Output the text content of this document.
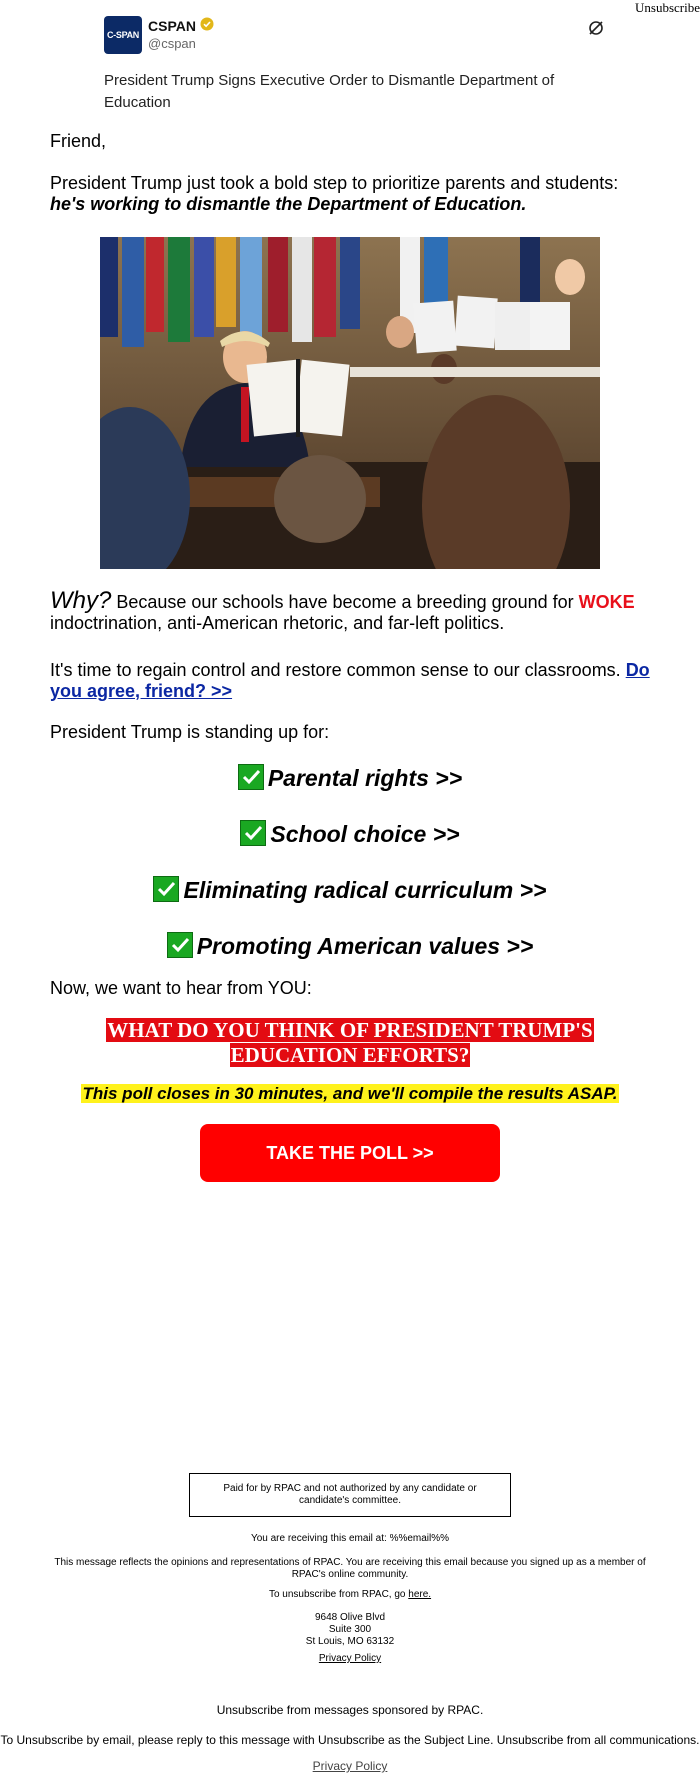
Unsubscribe
C-SPAN
CSPAN
@cspan
President Trump Signs Executive Order to Dismantle Department of Education
Friend,
President Trump just took a bold step to prioritize parents and students:
he's working to dismantle the Department of Education.
Why? Because our schools have become a breeding ground for WOKE indoctrination, anti-American rhetoric, and far-left politics.
It's time to regain control and restore common sense to our classrooms. Do you agree, friend? >>
President Trump is standing up for:
Parental rights >>
School choice >>
Eliminating radical curriculum >>
Promoting American values >>
Now, we want to hear from YOU:
WHAT DO YOU THINK OF PRESIDENT TRUMP'S
EDUCATION EFFORTS?
This poll closes in 30 minutes, and we'll compile the results ASAP.
TAKE THE POLL >>
Paid for by RPAC and not authorized by any candidate or candidate's committee.
You are receiving this email at: %%email%%
This message reflects the opinions and representations of RPAC. You are receiving this email because you signed up as a member of RPAC's online community.
To unsubscribe from RPAC, go here.
9648 Olive Blvd
Suite 300
St Louis, MO 63132
Privacy Policy
Unsubscribe from messages sponsored by RPAC.
To Unsubscribe by email, please reply to this message with Unsubscribe as the Subject Line. Unsubscribe from all communications.
Privacy Policy
